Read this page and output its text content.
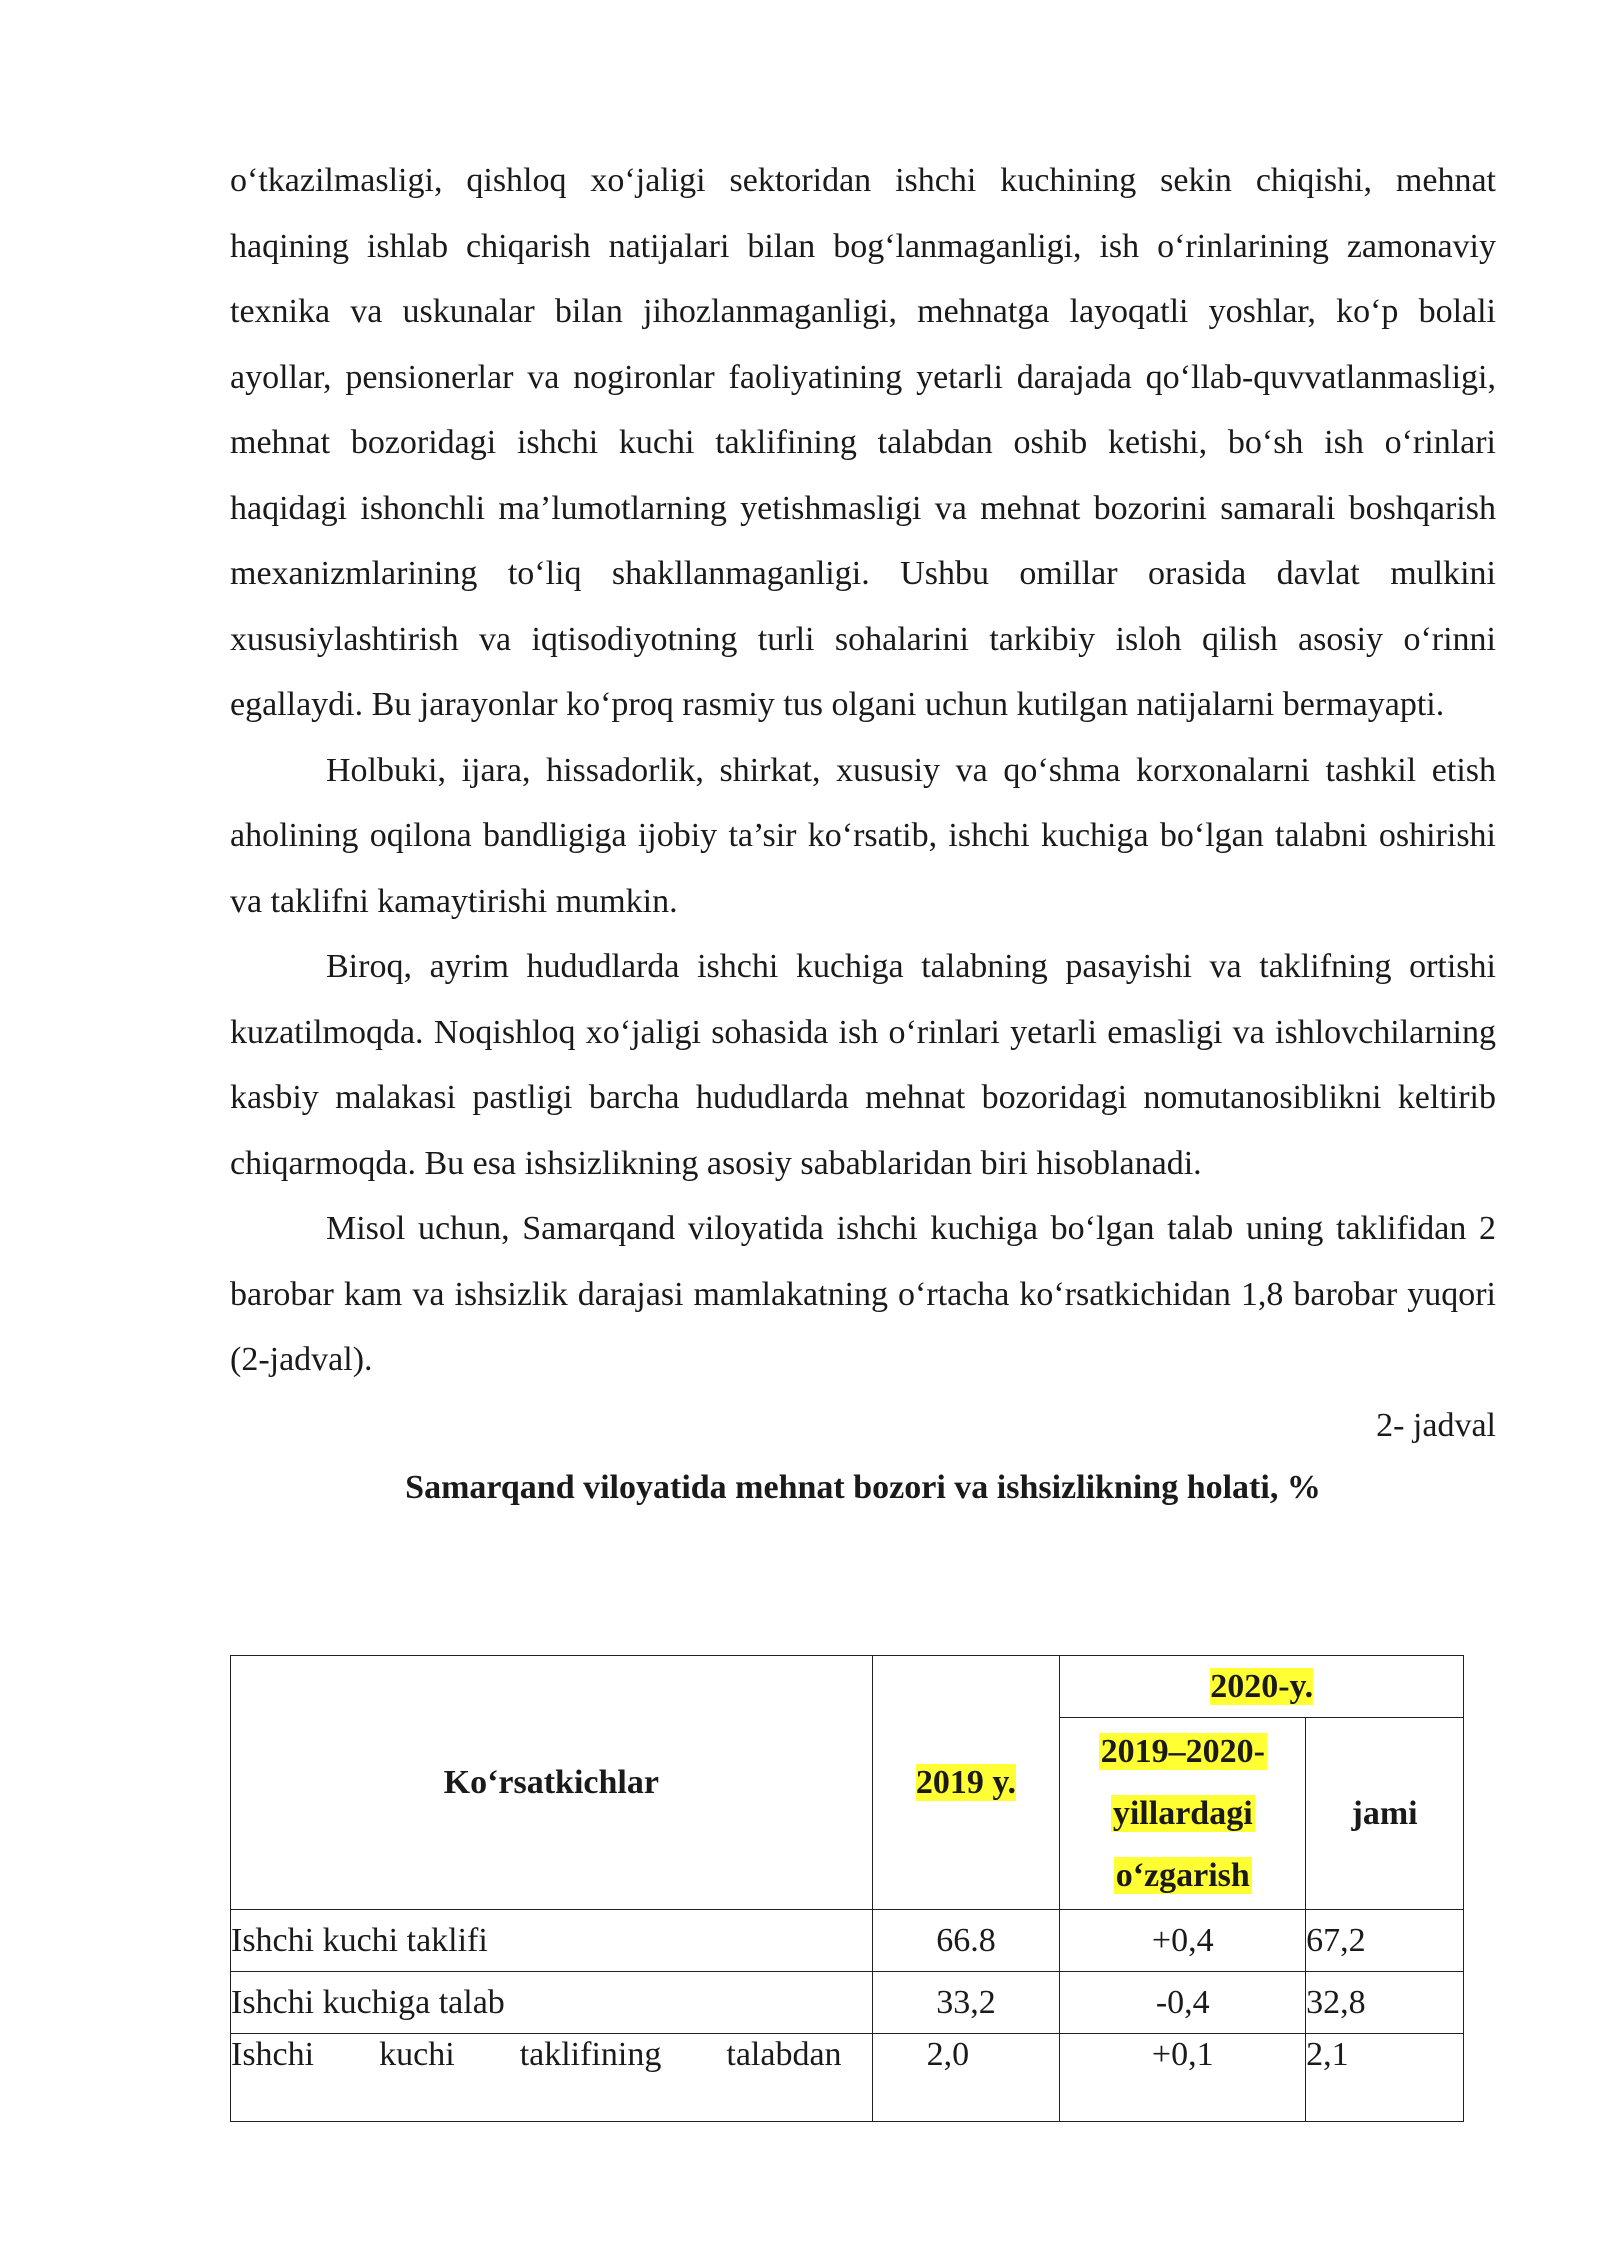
o‘tkazilmasligi, qishloq xo‘jaligi sektoridan ishchi kuchining sekin chiqishi, mehnat haqining ishlab chiqarish natijalari bilan bog‘lanmaganligi, ish o‘rinlarining zamonaviy texnika va uskunalar bilan jihozlanmaganligi, mehnatga layoqatli yoshlar, ko‘p bolali ayollar, pensionerlar va nogironlar faoliyatining yetarli darajada qo‘llab-quvvatlanmasligi, mehnat bozoridagi ishchi kuchi taklifining talabdan oshib ketishi, bo‘sh ish o‘rinlari haqidagi ishonchli ma’lumotlarning yetishmasligi va mehnat bozorini samarali boshqarish mexanizmlarining to‘liq shakllanmaganligi. Ushbu omillar orasida davlat mulkini xususiylashtirish va iqtisodiyotning turli sohalarini tarkibiy isloh qilish asosiy o‘rinni egallaydi. Bu jarayonlar ko‘proq rasmiy tus olgani uchun kutilgan natijalarni bermayapti.

Holbuki, ijara, hissadorlik, shirkat, xususiy va qo‘shma korxonalarni tashkil etish aholining oqilona bandligiga ijobiy ta’sir ko‘rsatib, ishchi kuchiga bo‘lgan talabni oshirishi va taklifni kamaytirishi mumkin.

Biroq, ayrim hududlarda ishchi kuchiga talabning pasayishi va taklifning ortishi kuzatilmoqda. Noqishloq xo‘jaligi sohasida ish o‘rinlari yetarli emasligi va ishlovchilarning kasbiy malakasi pastligi barcha hududlarda mehnat bozoridagi nomutanosiblikni keltirib chiqarmoqda. Bu esa ishsizlikning asosiy sabablaridan biri hisoblanadi.

Misol uchun, Samarqand viloyatida ishchi kuchiga bo‘lgan talab uning taklifidan 2 barobar kam va ishsizlik darajasi mamlakatning o‘rtacha ko‘rsatkichidan 1,8 barobar yuqori (2-jadval).

2- jadval

Samarqand viloyatida mehnat bozori va ishsizlikning holati, %

Ko‘rsatkichlar	2019 y.	2020-y.	

		2019–2020-
yillardagi
o‘zgarish	jami
Ishchi kuchi taklifi	66.8	+0,4	67,2
Ishchi kuchiga talab	33,2	-0,4	32,8

Ishchi kuchi taklifining talabdan	2,0	+0,1	2,1
